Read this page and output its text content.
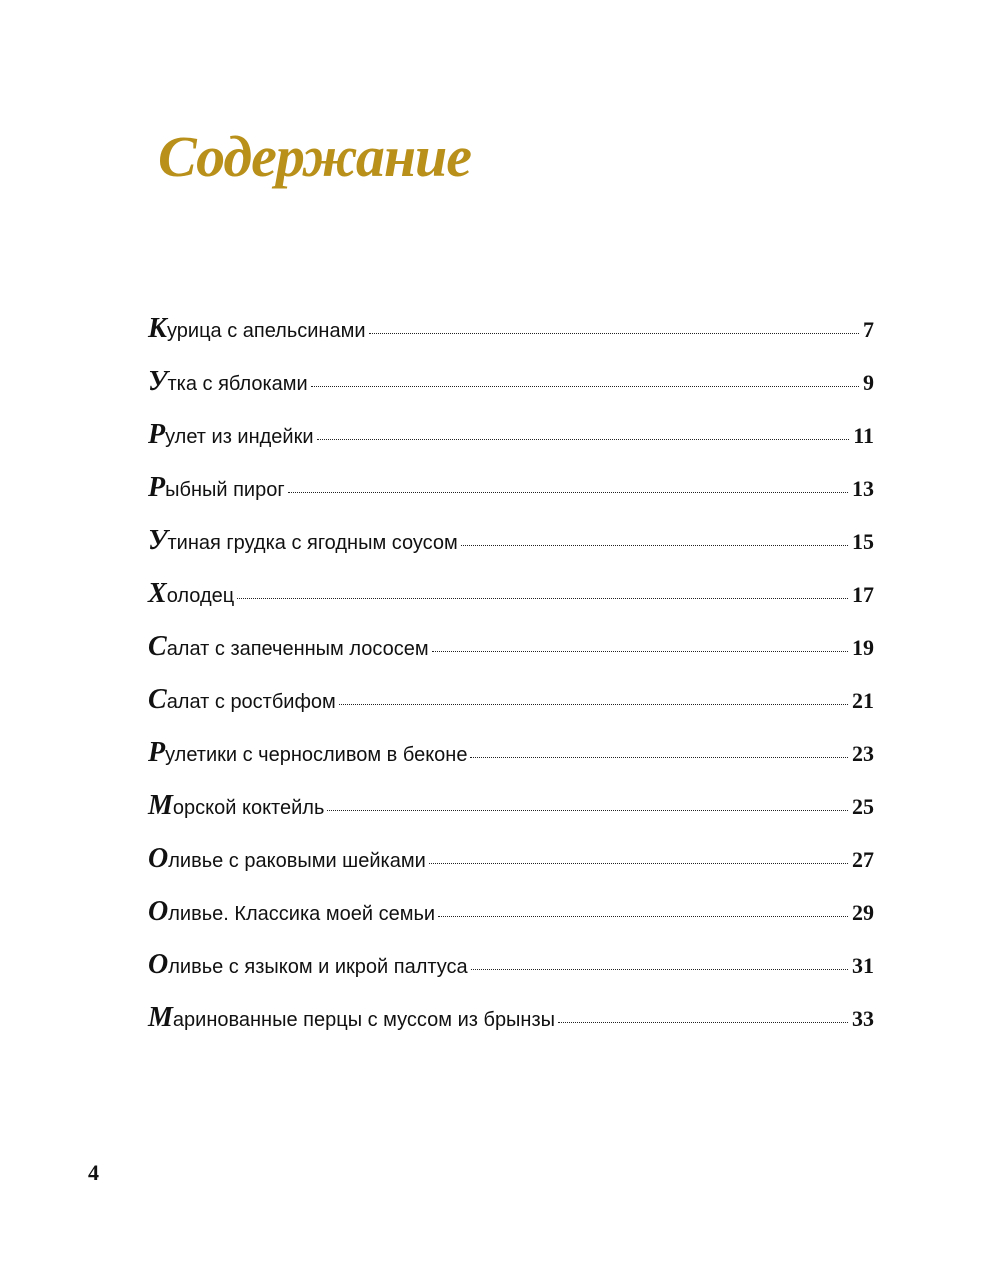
Содержание
К урица с апельсинами	7
У тка с яблоками	9
Р улет из индейки	11
Р ыбный пирог	13
У тиная грудка с ягодным соусом	15
Х олодец	17
С алат с запеченным лососем	19
С алат с ростбифом	21
Р улетики с черносливом в беконе	23
М орской коктейль	25
О ливье с раковыми шейками	27
О ливье. Классика моей семьи	29
О ливье с языком и икрой палтуса	31
М аринованные перцы с муссом из брынзы	33
4
